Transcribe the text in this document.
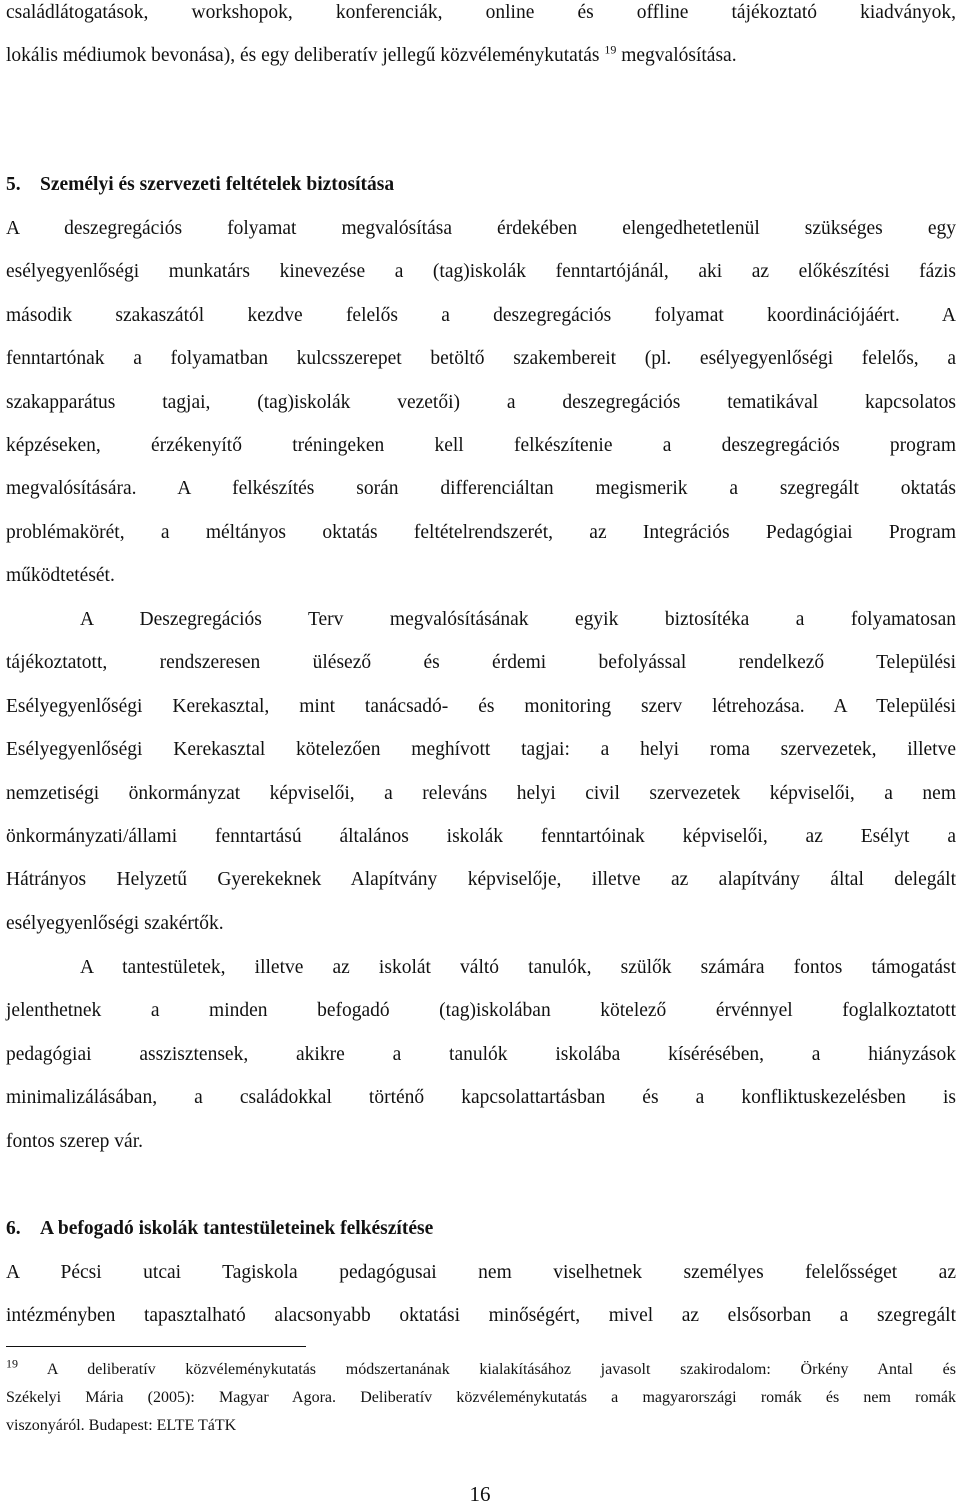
családlátogatások, workshopok, konferenciák, online és offline tájékoztató kiadványok,
lokális médiumok bevonása), és egy deliberatív jellegű közvéleménykutatás $^{19}$ megvalósítása.

5. Személyi és szervezeti feltételek biztosítása

A deszegregációs folyamat megvalósítása érdekében elengedhetetlenül szükséges egy
esélyegyenlőségi munkatárs kinevezése a (tag)iskolák fenntartójánál, aki az előkészítési fázis
második szakaszától kezdve felelős a deszegregációs folyamat koordinációjáért. A
fenntartónak a folyamatban kulcsszerepet betöltő szakembereit (pl. esélyegyenlőségi felelős, a
szakapparátus tagjai, (tag)iskolák vezetői) a deszegregációs tematikával kapcsolatos
képzéseken, érzékenyítő tréningeken kell felkészítenie a deszegregációs program
megvalósítására. A felkészítés során differenciáltan megismerik a szegregált oktatás
problémakörét, a méltányos oktatás feltételrendszerét, az Integrációs Pedagógiai Program
működtetését.

A Deszegregációs Terv megvalósításának egyik biztosítéka a folyamatosan
tájékoztatott, rendszeresen ülésező és érdemi befolyással rendelkező Települési
Esélyegyenlőségi Kerekasztal, mint tanácsadó- és monitoring szerv létrehozása. A Települési
Esélyegyenlőségi Kerekasztal kötelezően meghívott tagjai: a helyi roma szervezetek, illetve
nemzetiségi önkormányzat képviselői, a releváns helyi civil szervezetek képviselői, a nem
önkormányzati/állami fenntartású általános iskolák fenntartóinak képviselői, az Esélyt a
Hátrányos Helyzetű Gyerekeknek Alapítvány képviselője, illetve az alapítvány által delegált
esélyegyenlőségi szakértők.

A tantestületek, illetve az iskolát váltó tanulók, szülők számára fontos támogatást
jelenthetnek a minden befogadó (tag)iskolában kötelező érvénnyel foglalkoztatott
pedagógiai asszisztensek, akikre a tanulók iskolába kísérésében, a hiányzások
minimalizálásában, a családokkal történő kapcsolattartásban és a konfliktuskezelésben is
fontos szerep vár.

6. A befogadó iskolák tantestületeinek felkészítése

A Pécsi utcai Tagiskola pedagógusai nem viselhetnek személyes felelősséget az
intézményben tapasztalható alacsonyabb oktatási minőségért, mivel az elsősorban a szegregált

$^{19}$ A deliberatív közvéleménykutatás módszertanának kialakításához javasolt szakirodalom: Örkény Antal és
Székelyi Mária (2005): Magyar Agora. Deliberatív közvéleménykutatás a magyarországi romák és nem romák
viszonyáról. Budapest: ELTE TáTK

16
